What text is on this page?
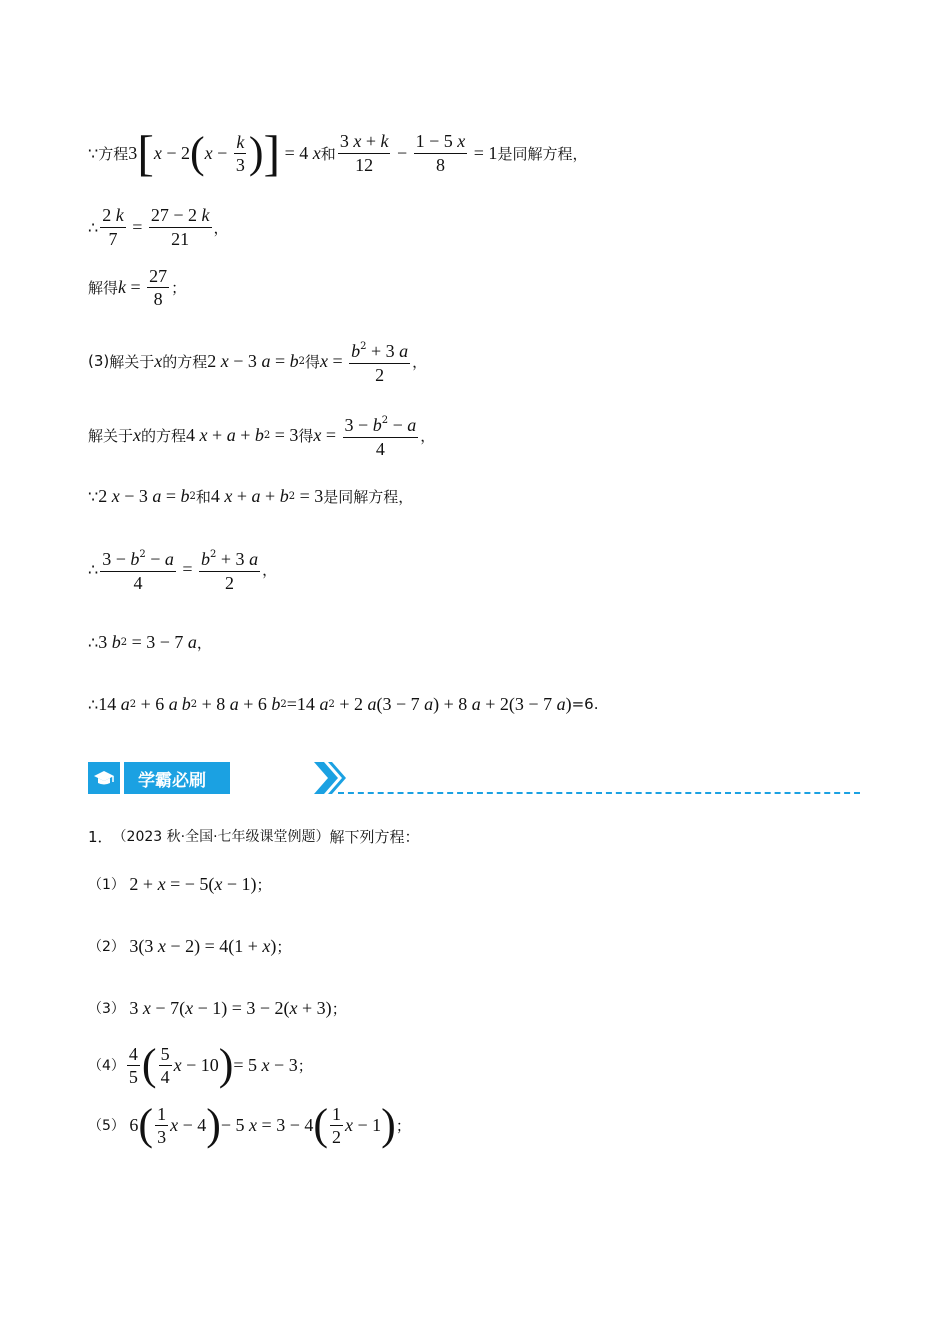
∵ 方程 3 [ x − 2 ( $x - \frac{k}{3}$ ) ] = 4 x 和 $\frac{3 x + k}{12} - \frac{1 - 5 x}{8} = 1$ 是同解方程，
∴ $\frac{2 k}{7} = \frac{27 - 2 k}{21}$ ，
解得 $k = \frac{27}{8}$ ；
(3) 解关于 x 的方程 2 x − 3 a = b 2 得 $x = \frac{b^2 + 3 a}{2}$ ，
解关于 x 的方程 4 x + a + b 2 = 3 得 $x = \frac{3 - b^2 - a}{4}$ ，
∵ 2 x − 3 a = b 2 和 4 x + a + b 2 = 3 是同解方程，
∴ $\frac{3 - b^2 - a}{4} = \frac{b^2 + 3 a}{2}$ ，
∴ 3 b 2 = 3 − 7 a ，
∴ 14 a 2 + 6 a b 2 + 8 a + 6 b 2 =14 a 2 + 2 a (3 − 7 a ) + 8 a + 2(3 − 7 a ) =6.
学霸必刷
1． （2023 秋·全国·七年级课堂例题） 解下列方程：
（1） 2 + x = − 5( x − 1) ；
（2） 3(3 x − 2) = 4(1 + x ) ；
（3） 3 x − 7( x − 1) = 3 − 2( x + 3) ；
$(4) \frac{4}{5}$ ( $\frac{5}{4}$ x − 10 ) = 5 x − 3 ；
（5） 6 ( $\frac{1}{3}$ x − 4 ) − 5 x = 3 − 4 ( $\frac{1}{2}$ x − 1 ) ；
